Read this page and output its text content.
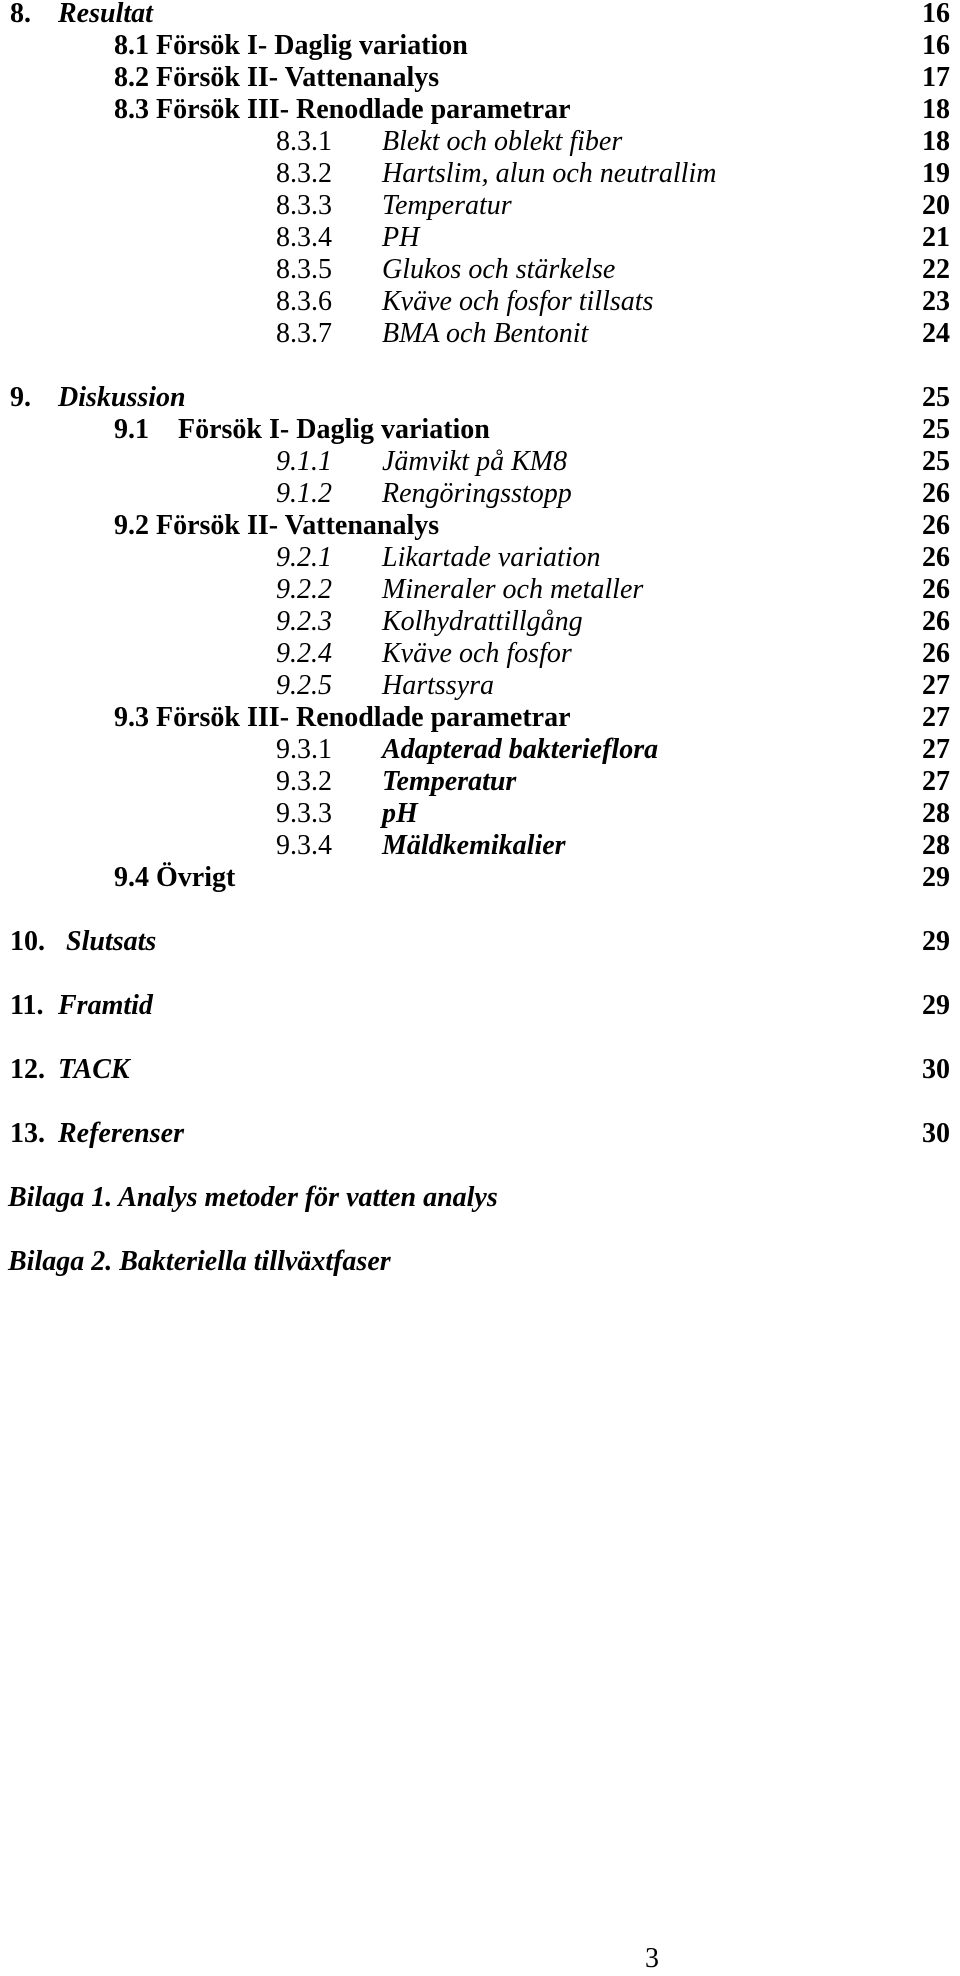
8. Resultat	16
8.1 Försök I- Daglig variation	16
8.2 Försök II- Vattenanalys	17
8.3 Försök III- Renodlade parametrar	18
8.3.1 Blekt och oblekt fiber	18
8.3.2 Hartslim, alun och neutrallim	19
8.3.3 Temperatur	20
8.3.4 PH	21
8.3.5 Glukos och stärkelse	22
8.3.6 Kväve och fosfor tillsats	23
8.3.7 BMA och Bentonit	24
9. Diskussion	25
9.1 Försök I- Daglig variation	25
9.1.1 Jämvikt på KM8	25
9.1.2 Rengöringsstopp	26
9.2 Försök II- Vattenanalys	26
9.2.1 Likartade variation	26
9.2.2 Mineraler och metaller	26
9.2.3 Kolhydrattillgång	26
9.2.4 Kväve och fosfor	26
9.2.5 Hartssyra	27
9.3 Försök III- Renodlade parametrar	27
9.3.1 Adapterad bakterieflora	27
9.3.2 Temperatur	27
9.3.3 pH	28
9.3.4 Mäldkemikalier	28
9.4 Övrigt	29
10. Slutsats	29
11. Framtid	29
12. TACK	30
13. Referenser	30
Bilaga 1. Analys metoder för vatten analys
Bilaga 2. Bakteriella tillväxtfaser
3
